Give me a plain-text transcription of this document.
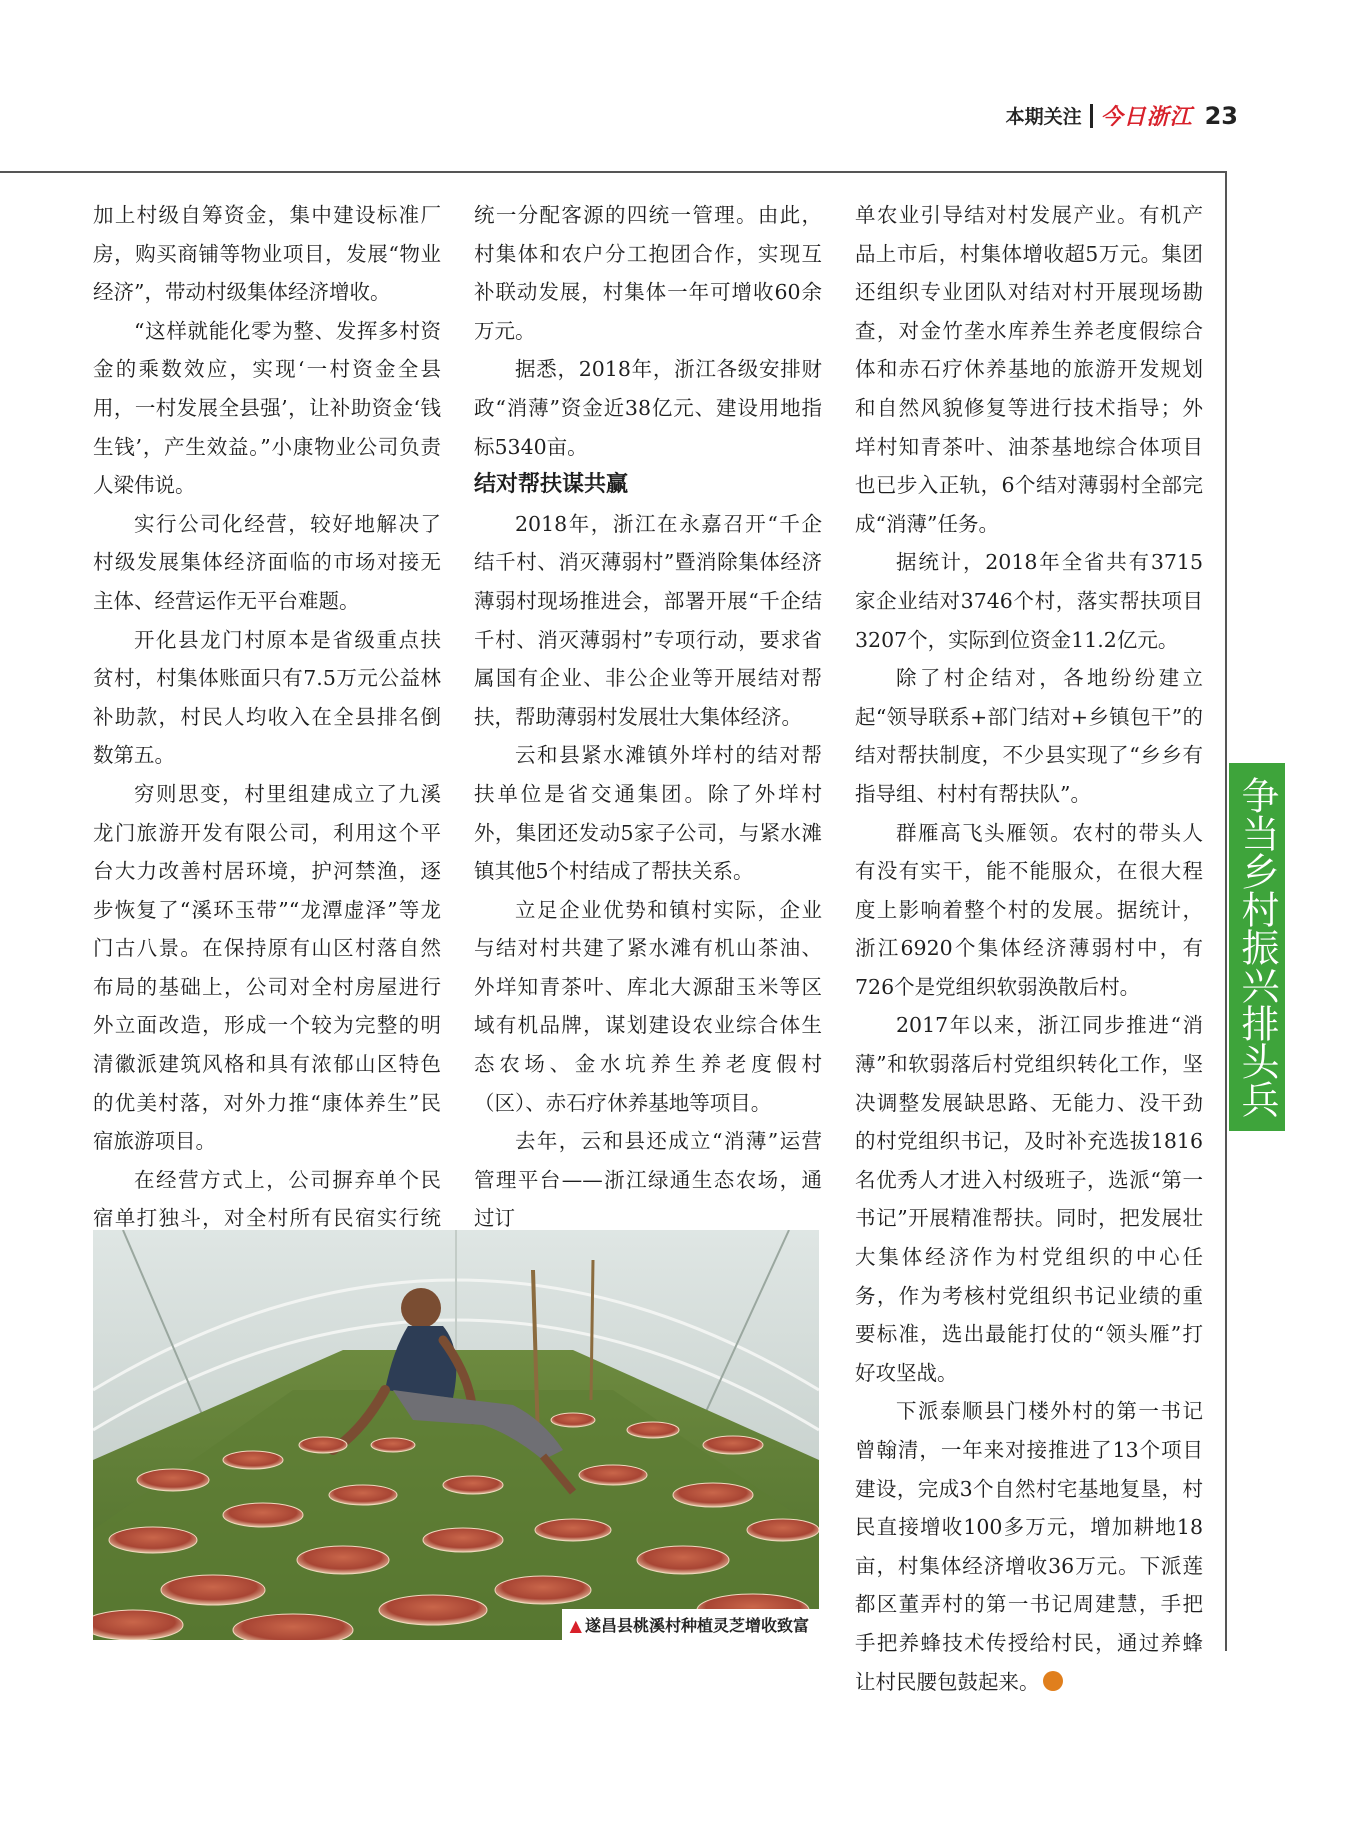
本期关注 今日浙江 23

加上村级自筹资金，集中建设标准厂房，购买商铺等物业项目，发展“物业经济”，带动村级集体经济增收。

“这样就能化零为整、发挥多村资金的乘数效应，实现‘一村资金全县用，一村发展全县强’，让补助资金‘钱生钱’，产生效益。”小康物业公司负责人梁伟说。

实行公司化经营，较好地解决了村级发展集体经济面临的市场对接无主体、经营运作无平台难题。

开化县龙门村原本是省级重点扶贫村，村集体账面只有7.5万元公益林补助款，村民人均收入在全县排名倒数第五。

穷则思变，村里组建成立了九溪龙门旅游开发有限公司，利用这个平台大力改善村居环境，护河禁渔，逐步恢复了“溪环玉带”“龙潭虚泽”等龙门古八景。在保持原有山区村落自然布局的基础上，公司对全村房屋进行外立面改造，形成一个较为完整的明清徽派建筑风格和具有浓郁山区特色的优美村落，对外力推“康体养生”民宿旅游项目。

在经营方式上，公司摒弃单个民宿单打独斗，对全村所有民宿实行统

统一分配客源的四统一管理。由此，村集体和农户分工抱团合作，实现互补联动发展，村集体一年可增收60余万元。

据悉，2018年，浙江各级安排财政“消薄”资金近38亿元、建设用地指标5340亩。

结对帮扶谋共赢

2018年，浙江在永嘉召开“千企结千村、消灭薄弱村”暨消除集体经济薄弱村现场推进会，部署开展“千企结千村、消灭薄弱村”专项行动，要求省属国有企业、非公企业等开展结对帮扶，帮助薄弱村发展壮大集体经济。

云和县紧水滩镇外垟村的结对帮扶单位是省交通集团。除了外垟村外，集团还发动5家子公司，与紧水滩镇其他5个村结成了帮扶关系。

立足企业优势和镇村实际，企业与结对村共建了紧水滩有机山茶油、外垟知青茶叶、库北大源甜玉米等区域有机品牌，谋划建设农业综合体生态农场、金水坑养生养老度假村（区）、赤石疗休养基地等项目。

去年，云和县还成立“消薄”运营管理平台——浙江绿通生态农场，通过订

单农业引导结对村发展产业。有机产品上市后，村集体增收超5万元。集团还组织专业团队对结对村开展现场勘查，对金竹垄水库养生养老度假综合体和赤石疗休养基地的旅游开发规划和自然风貌修复等进行技术指导；外垟村知青茶叶、油茶基地综合体项目也已步入正轨，6个结对薄弱村全部完成“消薄”任务。

据统计，2018年全省共有3715家企业结对3746个村，落实帮扶项目3207个，实际到位资金11.2亿元。

除了村企结对，各地纷纷建立起“领导联系+部门结对+乡镇包干”的结对帮扶制度，不少县实现了“乡乡有指导组、村村有帮扶队”。

群雁高飞头雁领。农村的带头人有没有实干，能不能服众，在很大程度上影响着整个村的发展。据统计，浙江6920个集体经济薄弱村中，有726个是党组织软弱涣散后村。

2017年以来，浙江同步推进“消薄”和软弱落后村党组织转化工作，坚决调整发展缺思路、无能力、没干劲的村党组织书记，及时补充选拔1816名优秀人才进入村级班子，选派“第一书记”开展精准帮扶。同时，把发展壮大集体经济作为村党组织的中心任务，作为考核村党组织书记业绩的重要标准，选出最能打仗的“领头雁”打好攻坚战。

下派泰顺县门楼外村的第一书记曾翰清，一年来对接推进了13个项目建设，完成3个自然村宅基地复垦，村民直接增收100多万元，增加耕地18亩，村集体经济增收36万元。下派莲都区董弄村的第一书记周建慧，手把手把养蜂技术传授给村民，通过养蜂让村民腰包鼓起来。

争当乡村振兴排头兵
▲ 遂昌县桃溪村种植灵芝增收致富
